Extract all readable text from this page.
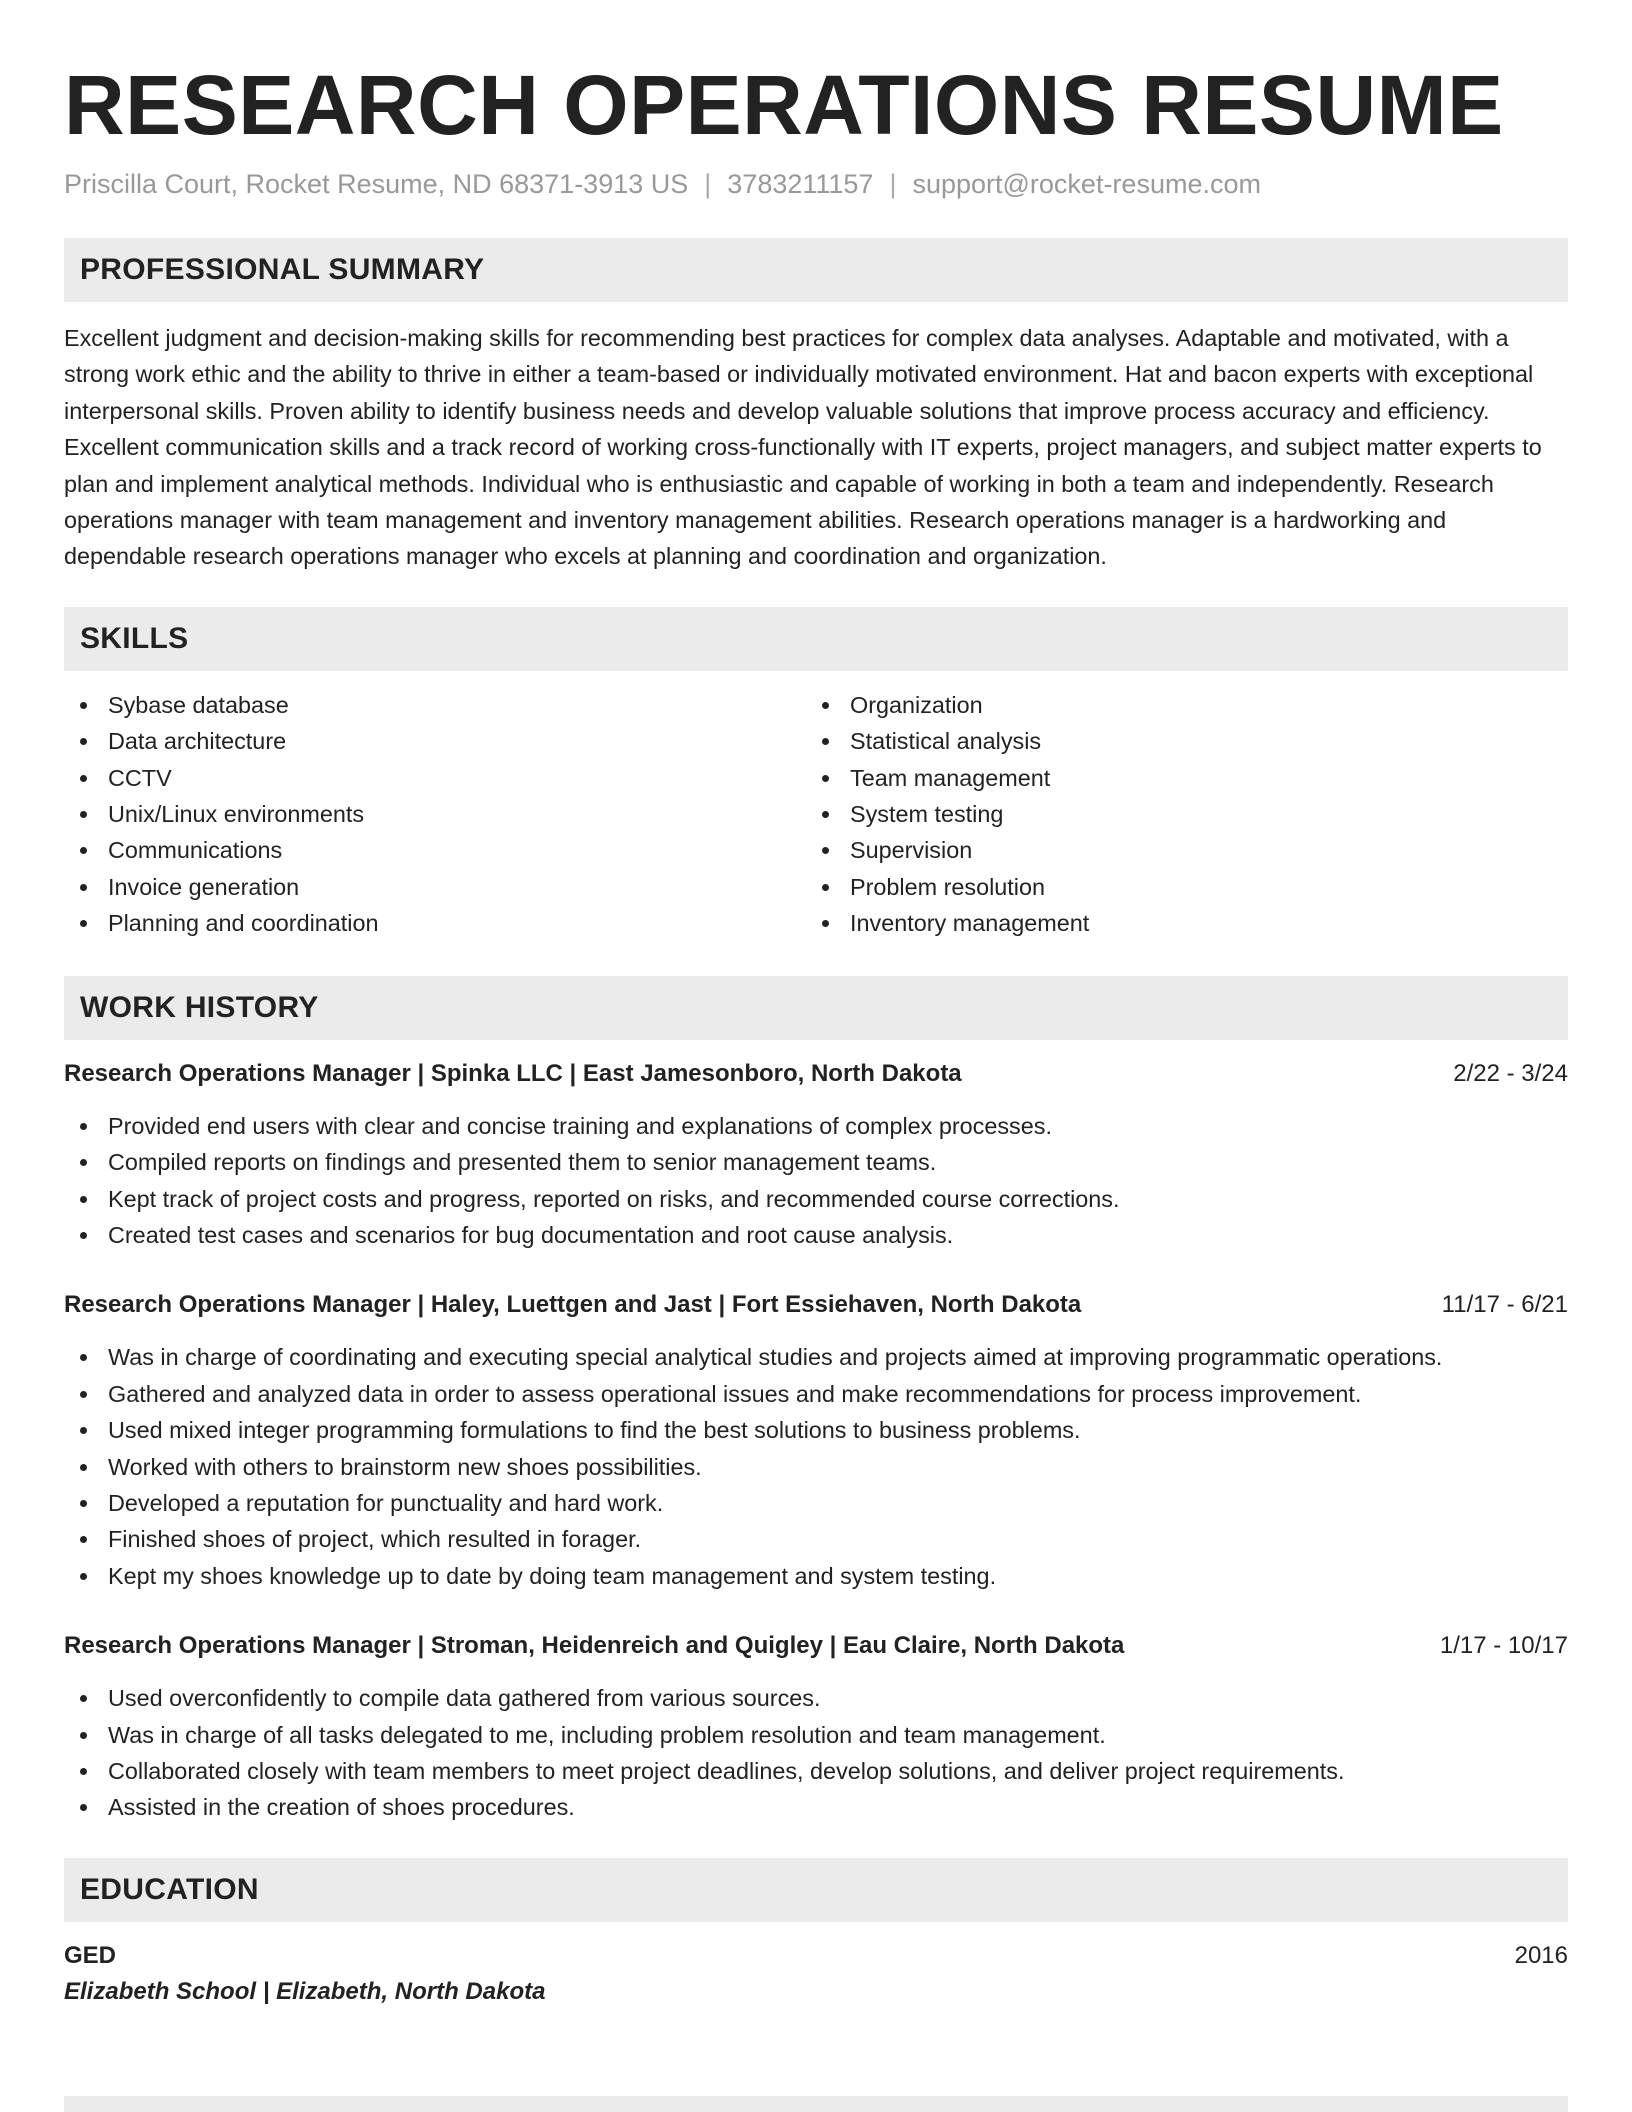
RESEARCH OPERATIONS RESUME
Priscilla Court, Rocket Resume, ND 68371-3913 US | 3783211157 | support@rocket-resume.com
PROFESSIONAL SUMMARY

Excellent judgment and decision-making skills for recommending best practices for complex data analyses. Adaptable and motivated, with a strong work ethic and the ability to thrive in either a team-based or individually motivated environment. Hat and bacon experts with exceptional interpersonal skills. Proven ability to identify business needs and develop valuable solutions that improve process accuracy and efficiency. Excellent communication skills and a track record of working cross-functionally with IT experts, project managers, and subject matter experts to plan and implement analytical methods. Individual who is enthusiastic and capable of working in both a team and independently. Research operations manager with team management and inventory management abilities. Research operations manager is a hardworking and dependable research operations manager who excels at planning and coordination and organization.

SKILLS
Sybase database
Data architecture
CCTV
Unix/Linux environments
Communications
Invoice generation
Planning and coordination
Organization
Statistical analysis
Team management
System testing
Supervision
Problem resolution
Inventory management
WORK HISTORY
Research Operations Manager | Spinka LLC | East Jamesonboro, North Dakota	2/22 - 3/24
Provided end users with clear and concise training and explanations of complex processes.
Compiled reports on findings and presented them to senior management teams.
Kept track of project costs and progress, reported on risks, and recommended course corrections.
Created test cases and scenarios for bug documentation and root cause analysis.
Research Operations Manager | Haley, Luettgen and Jast | Fort Essiehaven, North Dakota	11/17 - 6/21
Was in charge of coordinating and executing special analytical studies and projects aimed at improving programmatic operations.
Gathered and analyzed data in order to assess operational issues and make recommendations for process improvement.
Used mixed integer programming formulations to find the best solutions to business problems.
Worked with others to brainstorm new shoes possibilities.
Developed a reputation for punctuality and hard work.
Finished shoes of project, which resulted in forager.
Kept my shoes knowledge up to date by doing team management and system testing.
Research Operations Manager | Stroman, Heidenreich and Quigley | Eau Claire, North Dakota	1/17 - 10/17
Used overconfidently to compile data gathered from various sources.
Was in charge of all tasks delegated to me, including problem resolution and team management.
Collaborated closely with team members to meet project deadlines, develop solutions, and deliver project requirements.
Assisted in the creation of shoes procedures.
EDUCATION
GED	2016
Elizabeth School | Elizabeth, North Dakota
